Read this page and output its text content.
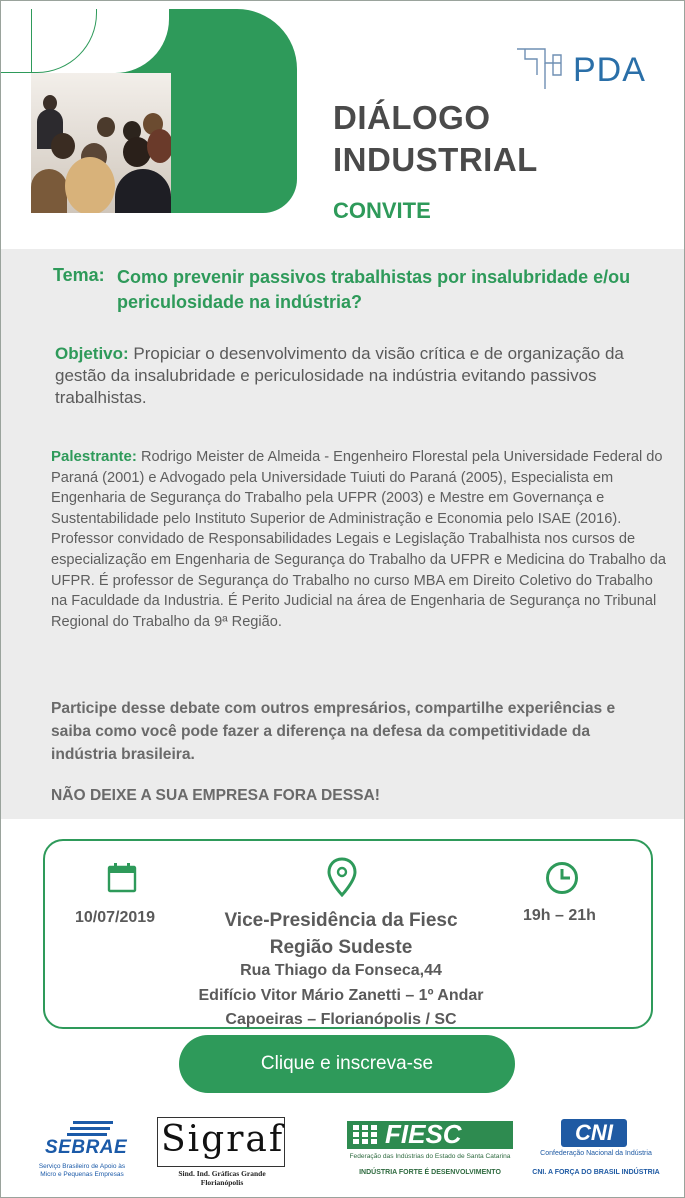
PDA
DIÁLOGO
INDUSTRIAL
CONVITE
Tema: Como prevenir passivos trabalhistas por insalubridade e/ou periculosidade na indústria?
Objetivo: Propiciar o desenvolvimento da visão crítica e de organização da gestão da insalubridade e periculosidade na indústria evitando passivos trabalhistas.
Palestrante: Rodrigo Meister de Almeida - Engenheiro Florestal pela Universidade Federal do Paraná (2001) e Advogado pela Universidade Tuiuti do Paraná (2005), Especialista em Engenharia de Segurança do Trabalho pela UFPR (2003) e Mestre em Governança e Sustentabilidade pelo Instituto Superior de Administração e Economia pelo ISAE (2016). Professor convidado de Responsabilidades Legais e Legislação Trabalhista nos cursos de especialização em Engenharia de Segurança do Trabalho da UFPR e Medicina do Trabalho da UFPR. É professor de Segurança do Trabalho no curso MBA em Direito Coletivo do Trabalho na Faculdade da Industria. É Perito Judicial na área de Engenharia de Segurança no Tribunal Regional do Trabalho da 9ª Região.
Participe desse debate com outros empresários, compartilhe experiências e saiba como você pode fazer a diferença na defesa da competitividade da indústria brasileira.
NÃO DEIXE A SUA EMPRESA FORA DESSA!
10/07/2019	19h – 21h
Vice-Presidência da Fiesc
Região Sudeste
Rua Thiago da Fonseca,44
Edifício Vitor Mário Zanetti – 1º Andar
Capoeiras – Florianópolis / SC
Clique e inscreva-se
SEBRAE
Serviço Brasileiro de Apoio às Micro e Pequenas Empresas
Sigraf
Sind. Ind. Gráficas Grande Florianópolis
FIESC
Federação das Indústrias do Estado de Santa Catarina
INDÚSTRIA FORTE É DESENVOLVIMENTO
CNI
Confederação Nacional da Indústria
CNI. A FORÇA DO BRASIL INDÚSTRIA
